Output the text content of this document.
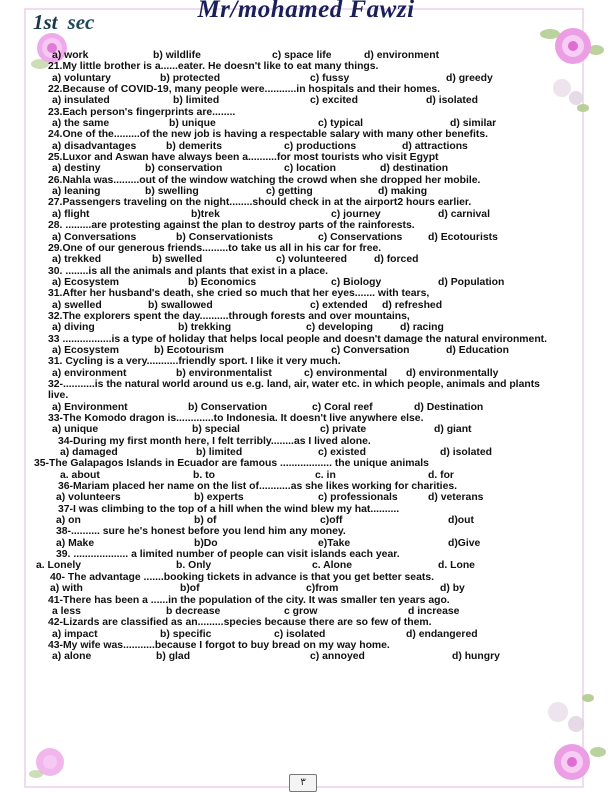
Mr/mohamed Fawzi
1st sec
a) work	b) wildlife	c) space life	d) environment
21.My little brother is a......eater. He doesn't like to eat many things.
a) voluntary	b) protected	c) fussy	d) greedy
22.Because of COVID-19, many people were...........in hospitals and their homes.
a) insulated	b) limited	c) excited	d) isolated
23.Each person's fingerprints are........
a) the same	b) unique	c) typical	d) similar
24.One of the.........of the new job is having a respectable salary with many other benefits.
a) disadvantages	b) demerits	c) productions	d) attractions
25.Luxor and Aswan have always been a..........for most tourists who visit Egypt
a) destiny	b) conservation	c) location	d) destination
26.Nahla was.........out of the window watching the crowd when she dropped her mobile.
a) leaning	b) swelling	c) getting	d) making
27.Passengers traveling on the night........should check in at the airport2 hours earlier.
a) flight	b)trek	c) journey	d) carnival
28. .........are protesting against the plan to destroy parts of the rainforests.
a) Conversations	b) Conservationists	c) Conservations d) Ecotourists
29.One of our generous friends.........to take us all in his car for free.
a) trekked	b) swelled	c) volunteered	d) forced
30. ........is all the animals and plants that exist in a place.
a) Ecosystem	b) Economics	c) Biology	d) Population
31.After her husband's death, she cried so much that her eyes....... with tears,
a) swelled	b) swallowed	c) extended d) refreshed
32.The explorers spent the day..........through forests and over mountains,
a) diving	b) trekking	c) developing	d) racing
33 .................is a type of holiday that helps local people and doesn't damage the natural environment.
a) Ecosystem	b) Ecotourism	c) Conversation	d) Education
31. Cycling is a very...........friendly sport. I like it very much.
a) environment	b) environmentalist	c) environmental d) environmentally
32-...........is the natural world around us e.g. land, air, water etc. in which people, animals and plants live.
a) Environment	b) Conservation	c) Coral reef	d) Destination
33-The Komodo dragon is.............to Indonesia. It doesn't live anywhere else.
a) unique	b) special	c) private	d) giant
34-During my first month here, I felt terribly........as I lived alone.
a) damaged	b) limited	c) existed	d) isolated
35-The Galapagos Islands in Ecuador are famous .................. the unique animals
a. about	b. to	c. in	d. for
36-Mariam placed her name on the list of...........as she likes working for charities.
a) volunteers	b) experts	c) professionals	d) veterans
37-I was climbing to the top of a hill when the wind blew my hat..........
a) on	b) of	c)off	d)out
38-.......... sure he's honest before you lend him any money.
a) Make	b)Do	e)Take	d)Give
39. ................... a limited number of people can visit islands each year.
a. Lonely	b. Only	c. Alone	d. Lone
40- The advantage .......booking tickets in advance is that you get better seats.
a) with	b)of	c)from	d) by
41-There has been a ......in the population of the city. It was smaller ten years ago.
a less	b decrease	c grow	d increase
42-Lizards are classified as an.........species because there are so few of them.
a) impact	b) specific	c) isolated	d) endangered
43-My wife was...........because I forgot to buy bread on my way home.
a) alone	b) glad	c) annoyed	d) hungry
٣
